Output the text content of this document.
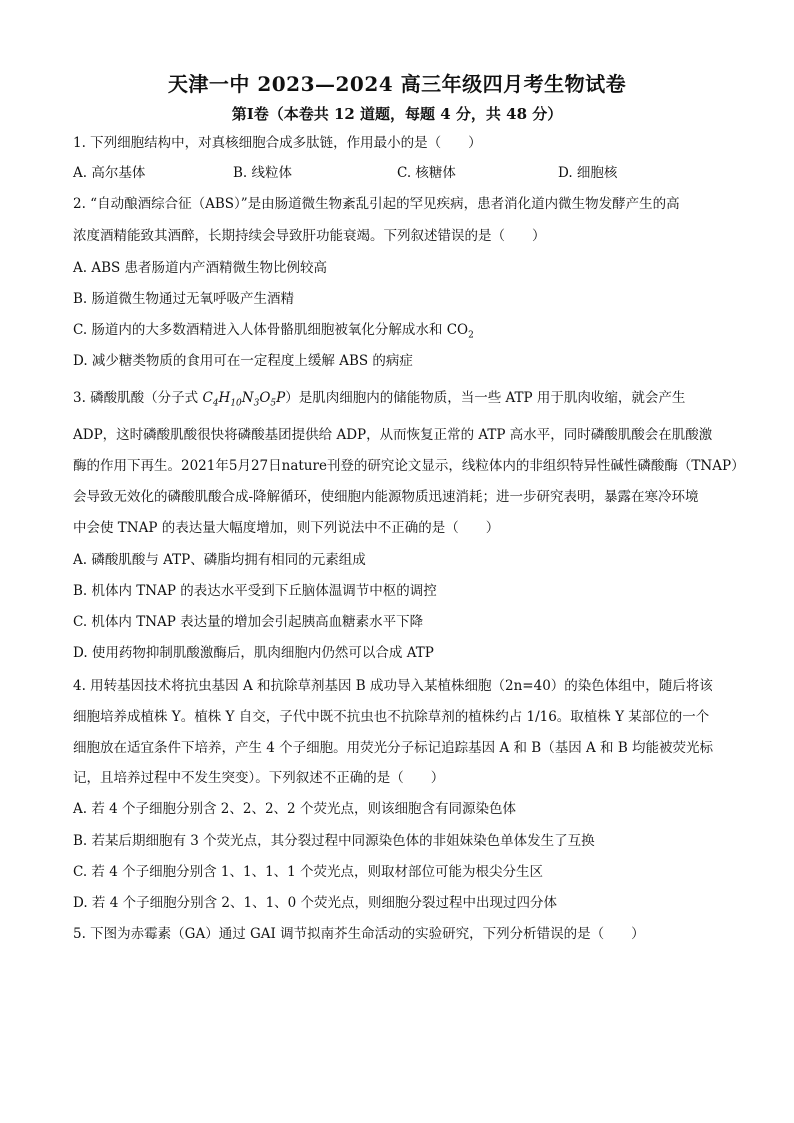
天津一中 2023—2024 高三年级四月考生物试卷
第Ⅰ卷（本卷共 12 道题，每题 4 分，共 48 分）
1. 下列细胞结构中，对真核细胞合成多肽链，作用最小的是（　　）
A. 高尔基体	B. 线粒体	C. 核糖体	D. 细胞核
2. “自动酿酒综合征（ABS）”是由肠道微生物紊乱引起的罕见疾病，患者消化道内微生物发酵产生的高
浓度酒精能致其酒醉，长期持续会导致肝功能衰竭。下列叙述错误的是（　　）
A. ABS 患者肠道内产酒精微生物比例较高
B. 肠道微生物通过无氧呼吸产生酒精
C. 肠道内的大多数酒精进入人体骨骼肌细胞被氧化分解成水和 $CO_2$
D. 减少糖类物质的食用可在一定程度上缓解 ABS 的病症
3. 磷酸肌酸（分子式 $C_4H_{10}N_3O_5P$）是肌肉细胞内的储能物质，当一些 ATP 用于肌肉收缩，就会产生
ADP，这时磷酸肌酸很快将磷酸基团提供给 ADP，从而恢复正常的 ATP 高水平，同时磷酸肌酸会在肌酸激
酶的作用下再生。2021年5月27日nature刊登的研究论文显示，线粒体内的非组织特异性碱性磷酸酶（TNAP）
会导致无效化的磷酸肌酸合成-降解循环，使细胞内能源物质迅速消耗；进一步研究表明，暴露在寒冷环境
中会使 TNAP 的表达量大幅度增加，则下列说法中不正确的是（　　）
A. 磷酸肌酸与 ATP、磷脂均拥有相同的元素组成
B. 机体内 TNAP 的表达水平受到下丘脑体温调节中枢的调控
C. 机体内 TNAP 表达量的增加会引起胰高血糖素水平下降
D. 使用药物抑制肌酸激酶后，肌肉细胞内仍然可以合成 ATP
4. 用转基因技术将抗虫基因 A 和抗除草剂基因 B 成功导入某植株细胞（2n=40）的染色体组中，随后将该
细胞培养成植株 Y。植株 Y 自交，子代中既不抗虫也不抗除草剂的植株约占 1/16。取植株 Y 某部位的一个
细胞放在适宜条件下培养，产生 4 个子细胞。用荧光分子标记追踪基因 A 和 B（基因 A 和 B 均能被荧光标
记，且培养过程中不发生突变）。下列叙述不正确的是（　　）
A. 若 4 个子细胞分别含 2、2、2、2 个荧光点，则该细胞含有同源染色体
B. 若某后期细胞有 3 个荧光点，其分裂过程中同源染色体的非姐妹染色单体发生了互换
C. 若 4 个子细胞分别含 1、1、1、1 个荧光点，则取材部位可能为根尖分生区
D. 若 4 个子细胞分别含 2、1、1、0 个荧光点，则细胞分裂过程中出现过四分体
5. 下图为赤霉素（GA）通过 GAI 调节拟南芥生命活动的实验研究，下列分析错误的是（　　）
